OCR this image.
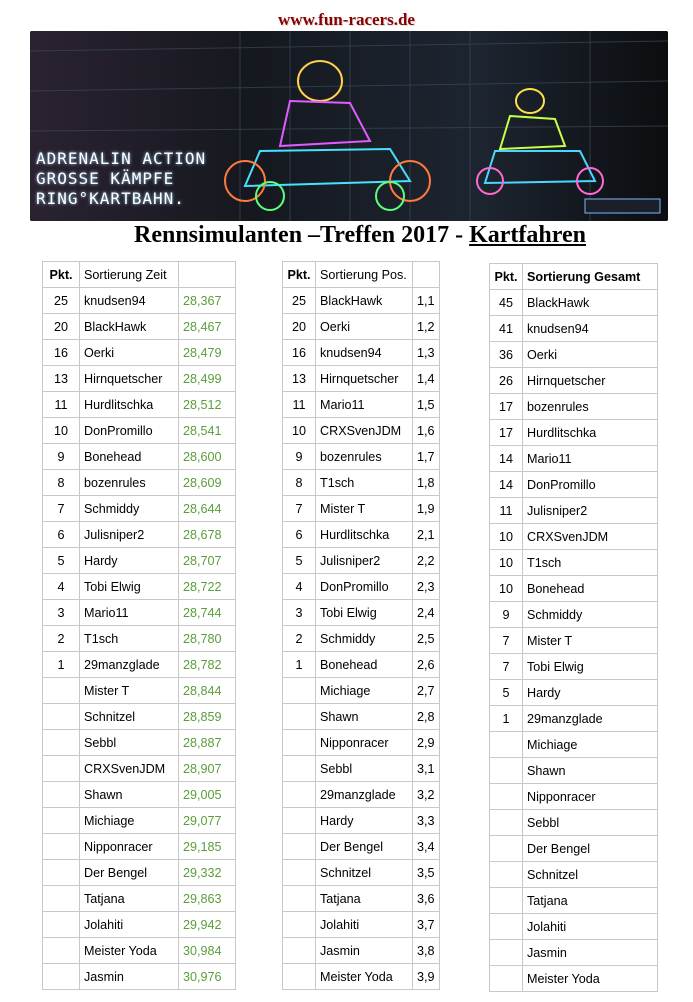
www.fun-racers.de
ADRENALIN ACTION
GROSSE KÄMPFE
RING°KARTBAHN.
Rennsimulanten –Treffen 2017 - Kartfahren
Pkt.	Sortierung Zeit	
25	knudsen94	28,367
20	BlackHawk	28,467
16	Oerki	28,479
13	Hirnquetscher	28,499
11	Hurdlitschka	28,512
10	DonPromillo	28,541
9	Bonehead	28,600
8	bozenrules	28,609
7	Schmiddy	28,644
6	Julisniper2	28,678
5	Hardy	28,707
4	Tobi Elwig	28,722
3	Mario11	28,744
2	T1sch	28,780
1	29manzglade	28,782
	Mister T	28,844
	Schnitzel	28,859
	Sebbl	28,887
	CRXSvenJDM	28,907
	Shawn	29,005
	Michiage	29,077
	Nipponracer	29,185
	Der Bengel	29,332
	Tatjana	29,863
	Jolahiti	29,942
	Meister Yoda	30,984
	Jasmin	30,976
Pkt.	Sortierung Pos.	
25	BlackHawk	1,1
20	Oerki	1,2
16	knudsen94	1,3
13	Hirnquetscher	1,4
11	Mario11	1,5
10	CRXSvenJDM	1,6
9	bozenrules	1,7
8	T1sch	1,8
7	Mister T	1,9
6	Hurdlitschka	2,1
5	Julisniper2	2,2
4	DonPromillo	2,3
3	Tobi Elwig	2,4
2	Schmiddy	2,5
1	Bonehead	2,6
	Michiage	2,7
	Shawn	2,8
	Nipponracer	2,9
	Sebbl	3,1
	29manzglade	3,2
	Hardy	3,3
	Der Bengel	3,4
	Schnitzel	3,5
	Tatjana	3,6
	Jolahiti	3,7
	Jasmin	3,8
	Meister Yoda	3,9
Pkt.	Sortierung Gesamt
45	BlackHawk
41	knudsen94
36	Oerki
26	Hirnquetscher
17	bozenrules
17	Hurdlitschka
14	Mario11
14	DonPromillo
11	Julisniper2
10	CRXSvenJDM
10	T1sch
10	Bonehead
9	Schmiddy
7	Mister T
7	Tobi Elwig
5	Hardy
1	29manzglade
	Michiage
	Shawn
	Nipponracer
	Sebbl
	Der Bengel
	Schnitzel
	Tatjana
	Jolahiti
	Jasmin
	Meister Yoda
